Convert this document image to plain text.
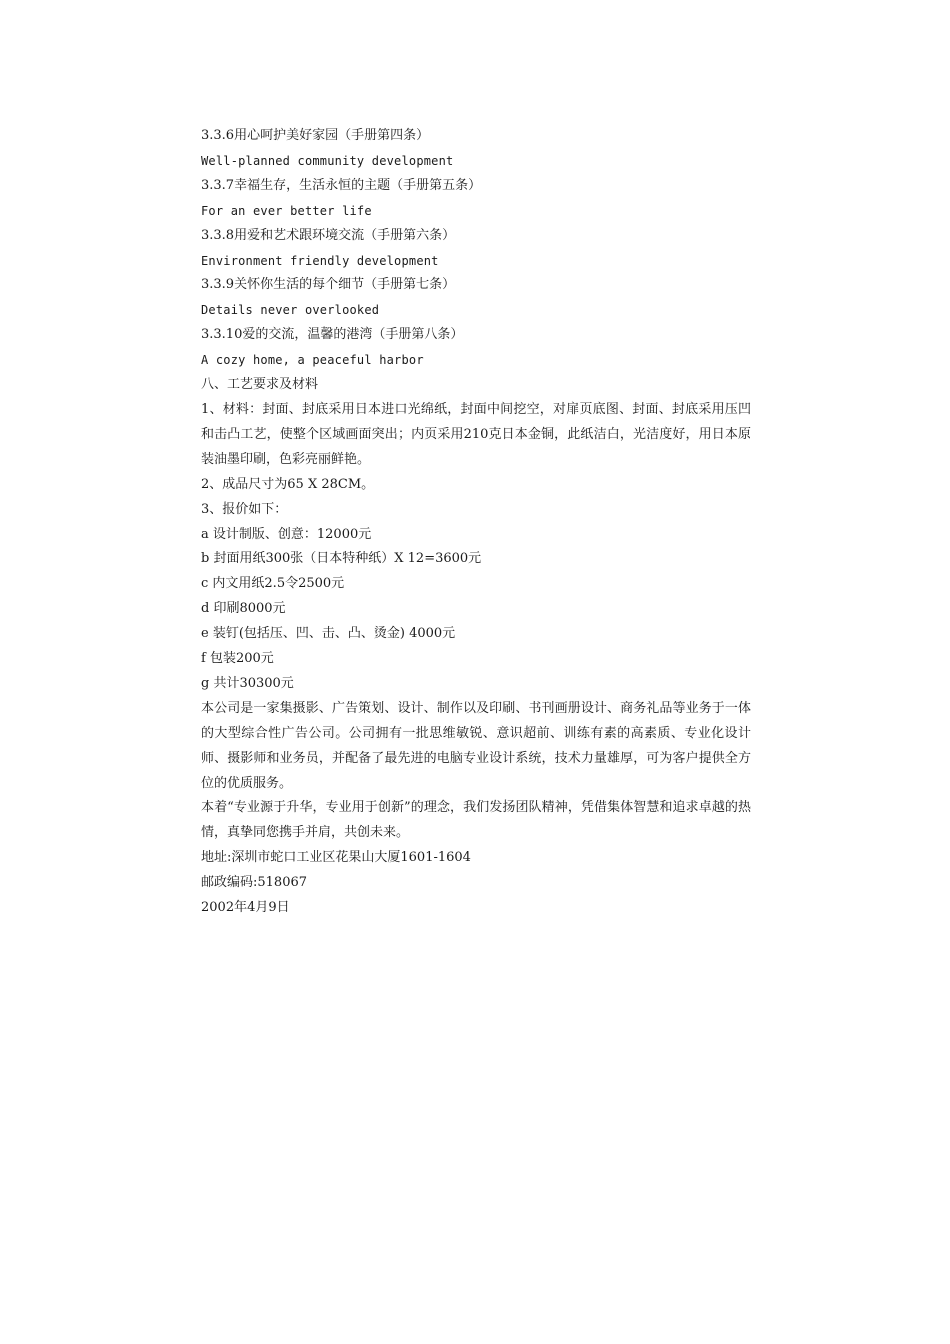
3.3.6用心呵护美好家园（手册第四条）
Well-planned community development
3.3.7幸福生存，生活永恒的主题（手册第五条）
For an ever better life
3.3.8用爱和艺术跟环境交流（手册第六条）
Environment friendly development
3.3.9关怀你生活的每个细节（手册第七条）
Details never overlooked
3.3.10爱的交流，温馨的港湾（手册第八条）
A cozy home, a peaceful harbor
八、工艺要求及材料
1、材料：封面、封底采用日本进口光绵纸，封面中间挖空，对扉页底图、封面、封底采用压凹和击凸工艺，使整个区域画面突出；内页采用210克日本金铜，此纸洁白，光洁度好，用日本原装油墨印刷，色彩亮丽鲜艳。
2、成品尺寸为65 X 28CM。
3、报价如下：
a 设计制版、创意：12000元
b 封面用纸300张（日本特种纸）X 12=3600元
c 内文用纸2.5令2500元
d 印刷8000元
e 装钉(包括压、凹、击、凸、烫金) 4000元
f 包装200元
g 共计30300元
本公司是一家集摄影、广告策划、设计、制作以及印刷、书刊画册设计、商务礼品等业务于一体的大型综合性广告公司。公司拥有一批思维敏锐、意识超前、训练有素的高素质、专业化设计师、摄影师和业务员，并配备了最先进的电脑专业设计系统，技术力量雄厚，可为客户提供全方位的优质服务。
本着“专业源于升华，专业用于创新”的理念，我们发扬团队精神，凭借集体智慧和追求卓越的热情，真挚同您携手并肩，共创未来。
地址:深圳市蛇口工业区花果山大厦1601-1604
邮政编码:518067
2002年4月9日
